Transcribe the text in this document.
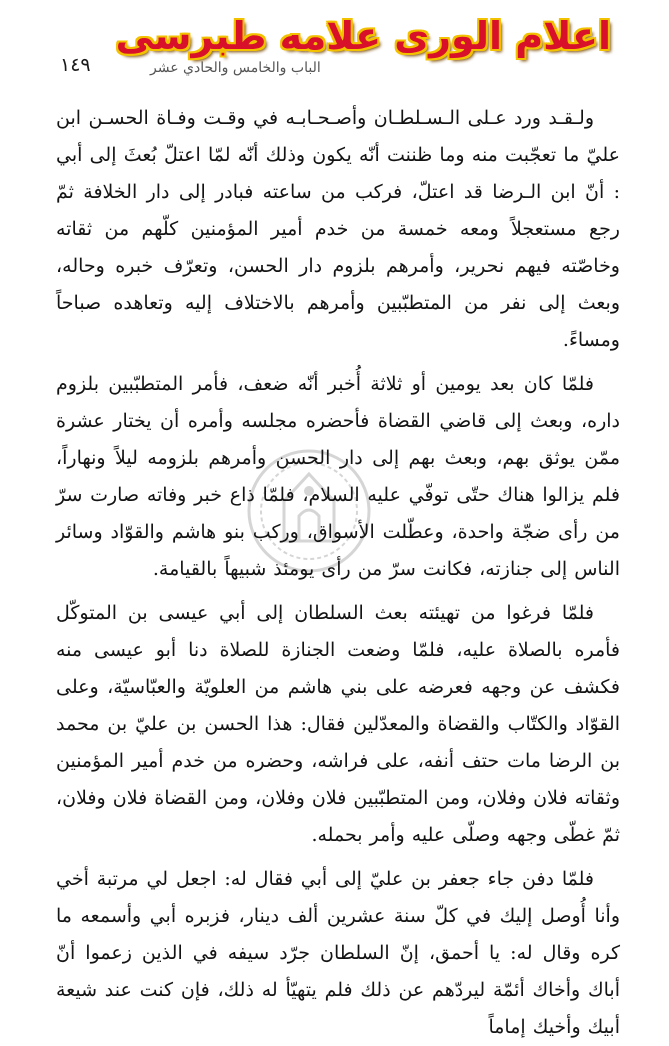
١٤٩	الباب والخامس والحادي عشر
اعلام الوری علامه طبرسی

ولـقـد ورد عـلى الـسـلطـان وأصـحـابـه في وقـت وفـاة الحسـن ابن عليّ ما تعجّبت منه وما ظننت أنّه يكون وذلك أنّه لمّا اعتلّ بُعثَ إلى أبي : أنّ ابن الـرضا قد اعتلّ، فركب من ساعته فبادر إلى دار الخلافة ثمّ رجع مستعجلاً ومعه خمسة من خدم أمير المؤمنين كلّهم من ثقاته وخاصّته فيهم نحرير، وأمرهم بلزوم دار الحسن، وتعرّف خبره وحاله، وبعث إلى نفر من المتطبّبين وأمرهم بالاختلاف إليه وتعاهده صباحاً ومساءً.

فلمّا كان بعد يومين أو ثلاثة أُخبر أنّه ضعف، فأمر المتطبّبين بلزوم داره، وبعث إلى قاضي القضاة فأحضره مجلسه وأمره أن يختار عشرة ممّن يوثق بهم، وبعث بهم إلى دار الحسن وأمرهم بلزومه ليلاً ونهاراً، فلم يزالوا هناك حتّى توفّي عليه السلام، فلمّا ذاع خبر وفاته صارت سرّ من رأى ضجّة واحدة، وعطّلت الأسواق، وركب بنو هاشم والقوّاد وسائر الناس إلى جنازته، فكانت سرّ من رأى يومئذ شبيهاً بالقيامة.

فلمّا فرغوا من تهيئته بعث السلطان إلى أبي عيسى بن المتوكّل فأمره بالصلاة عليه، فلمّا وضعت الجنازة للصلاة دنا أبو عيسى منه فكشف عن وجهه فعرضه على بني هاشم من العلويّة والعبّاسيّة، وعلى القوّاد والكتّاب والقضاة والمعدّلين فقال: هذا الحسن بن عليّ بن محمد بن الرضا مات حتف أنفه، على فراشه، وحضره من خدم أمير المؤمنين وثقاته فلان وفلان، ومن المتطبّبين فلان وفلان، ومن القضاة فلان وفلان، ثمّ غطّى وجهه وصلّى عليه وأمر بحمله.

فلمّا دفن جاء جعفر بن عليّ إلى أبي فقال له: اجعل لي مرتبة أخي وأنا أُوصل إليك في كلّ سنة عشرين ألف دينار، فزبره أبي وأسمعه ما كره وقال له: يا أحمق، إنّ السلطان جرّد سيفه في الذين زعموا أنّ أباك وأخاك أئمّة ليردّهم عن ذلك فلم يتهيّأ له ذلك، فإن كنت عند شيعة أبيك وأخيك إماماً
